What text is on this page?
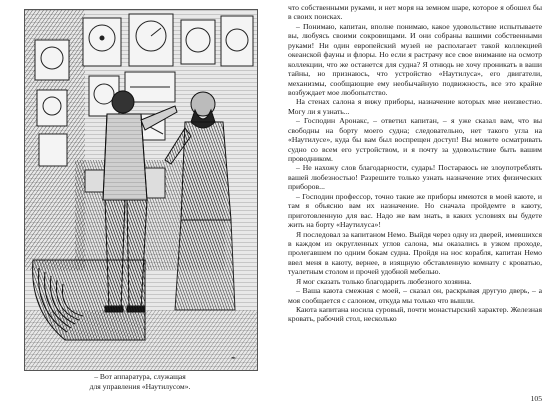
✒
– Вот аппаратура, служащая
для управления «Наутилусом».

что собственными руками, и нет моря на земном шаре, которое я обошел бы в своих поисках.

– Понимаю, капитан, вполне понимаю, какое удовольствие испытываете вы, любуясь своими сокровищами. И они собраны вашими собственными руками! Ни один европейский музей не располагает такой коллекцией океанской фауны и флоры. Но если я растрачу все свое внимание на осмотр коллекции, что же останется для судна? Я отнюдь не хочу проникать в ваши тайны, но признаюсь, что устройство «Наутилуса», его двигатели, механизмы, сообщающие ему необычайную подвижность, все это крайне возбуждает мое любопытство.

На стенах салона я вижу приборы, назначение которых мне неизвестно. Могу ли я узнать...

– Господин Аронакс, – ответил капитан, – я уже сказал вам, что вы свободны на борту моего судна; следовательно, нет такого угла на «Наутилусе», куда бы вам был воспрещен доступ! Вы можете осматривать судно со всем его устройством, и я почту за удовольствие быть вашим проводником.

– Не нахожу слов благодарности, сударь! Постараюсь не злоупотреблять вашей любезностью! Разрешите только узнать назначение этих физических приборов...

– Господин профессор, точно такие же приборы имеются в моей каюте, и там я объясню вам их назначение. Но сначала пройдемте в каюту, приготовленную для вас. Надо же вам знать, в каких условиях вы будете жить на борту «Наутилуса»!

Я последовал за капитаном Немо. Выйдя через одну из дверей, имевшихся в каждом из округленных углов салона, мы оказались в узком проходе, пролегавшем по одним бокам судна. Пройдя на нос корабля, капитан Немо ввел меня в каюту, вернее, в изящную обставленную комнату с кроватью, туалетным столом и прочей удобной мебелью.

Я мог сказать только благодарить любезного хозяина.

– Ваша каюта смежная с моей, – сказал он, раскрывая другую дверь, – а моя сообщается с салоном, откуда мы только что вышли.

Каюта капитана носила суровый, почти монастырский характер. Железная кровать, рабочий стол, несколько

105
